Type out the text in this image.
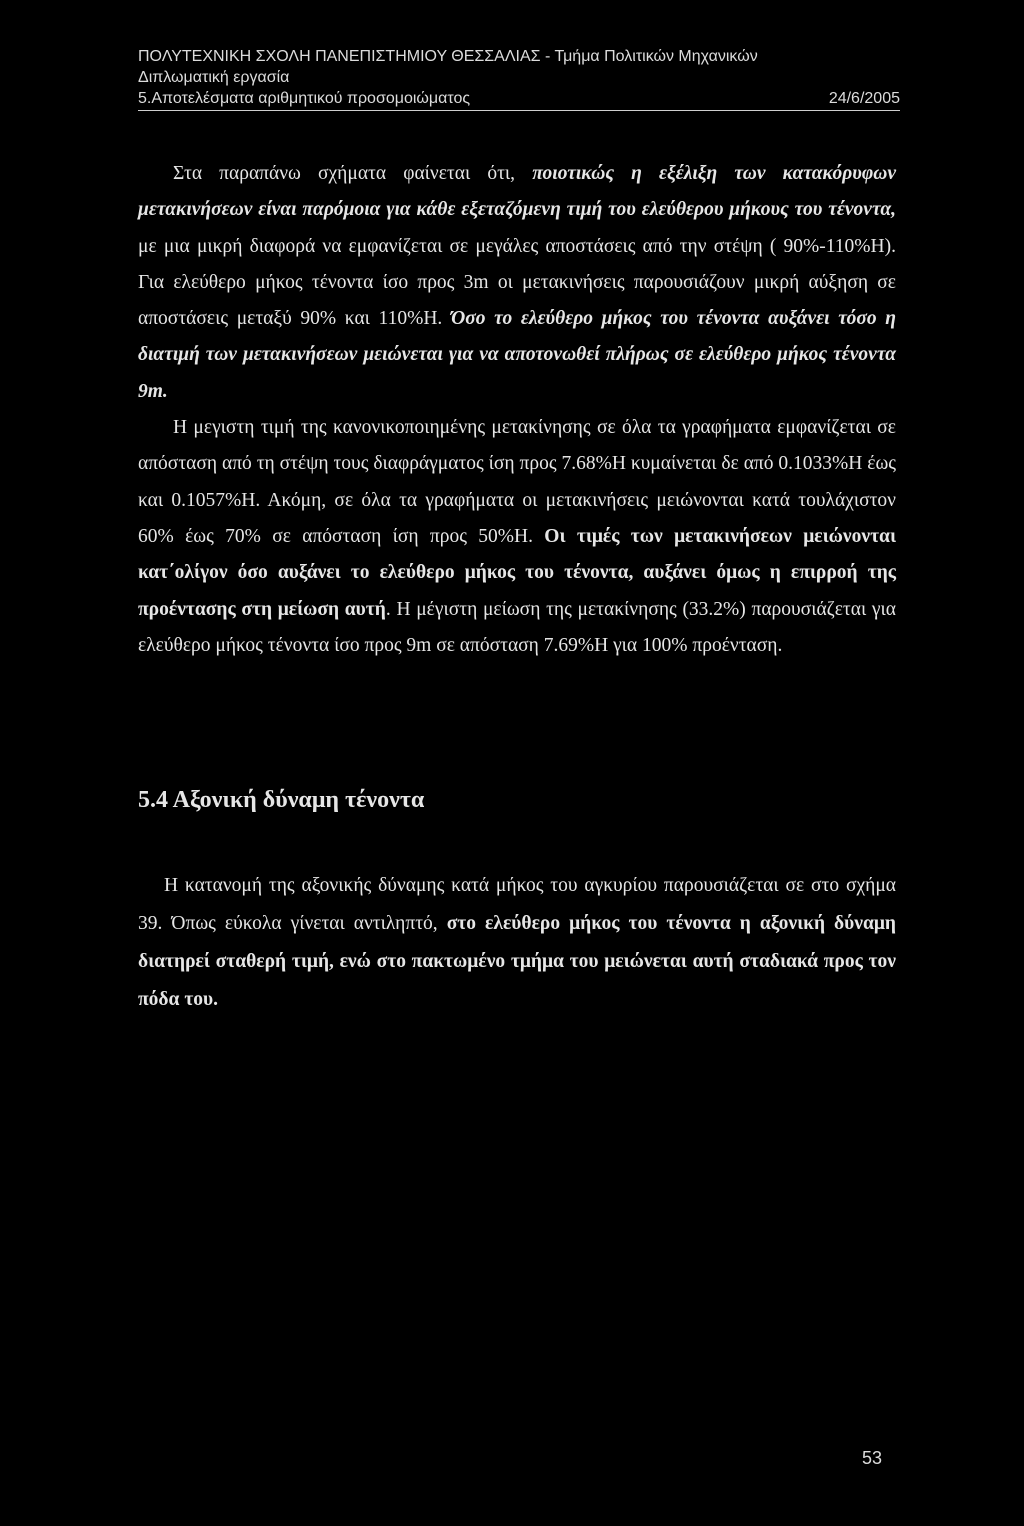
ΠΟΛΥΤΕΧΝΙΚΗ ΣΧΟΛΗ ΠΑΝΕΠΙΣΤΗΜΙΟΥ ΘΕΣΣΑΛΙΑΣ - Τμήμα Πολιτικών Μηχανικών
Διπλωματική εργασία
5.Αποτελέσματα αριθμητικού προσομοιώματος	24/6/2005

Στα παραπάνω σχήματα φαίνεται ότι, ποιοτικώς η εξέλιξη των κατακόρυφων μετακινήσεων είναι παρόμοια για κάθε εξεταζόμενη τιμή του ελεύθερου μήκους του τένοντα, με μια μικρή διαφορά να εμφανίζεται σε μεγάλες αποστάσεις από την στέψη ( 90%-110%Η). Για ελεύθερο μήκος τένοντα ίσο προς 3m οι μετακινήσεις παρουσιάζουν μικρή αύξηση σε αποστάσεις μεταξύ 90% και 110%Η. Όσο το ελεύθερο μήκος του τένοντα αυξάνει τόσο η διατιμή των μετακινήσεων μειώνεται για να αποτονωθεί πλήρως σε ελεύθερο μήκος τένοντα 9m.
Η μεγιστη τιμή της κανονικοποιημένης μετακίνησης σε όλα τα γραφήματα εμφανίζεται σε απόσταση από τη στέψη τους διαφράγματος ίση προς 7.68%Η κυμαίνεται δε από 0.1033%Η έως και 0.1057%Η. Ακόμη, σε όλα τα γραφήματα οι μετακινήσεις μειώνονται κατά τουλάχιστον 60% έως 70% σε απόσταση ίση προς 50%Η. Οι τιμές των μετακινήσεων μειώνονται κατ΄ολίγον όσο αυξάνει το ελεύθερο μήκος του τένοντα, αυξάνει όμως η επιρροή της προέντασης στη μείωση αυτή. Η μέγιστη μείωση της μετακίνησης (33.2%) παρουσιάζεται για ελεύθερο μήκος τένοντα ίσο προς 9m σε απόσταση 7.69%Η για 100% προένταση.

5.4 Αξονική δύναμη τένοντα

Η κατανομή της αξονικής δύναμης κατά μήκος του αγκυρίου παρουσιάζεται σε στο σχήμα 39. Όπως εύκολα γίνεται αντιληπτό, στο ελεύθερο μήκος του τένοντα η αξονική δύναμη διατηρεί σταθερή τιμή, ενώ στο πακτωμένο τμήμα του μειώνεται αυτή σταδιακά προς τον πόδα του.

53
